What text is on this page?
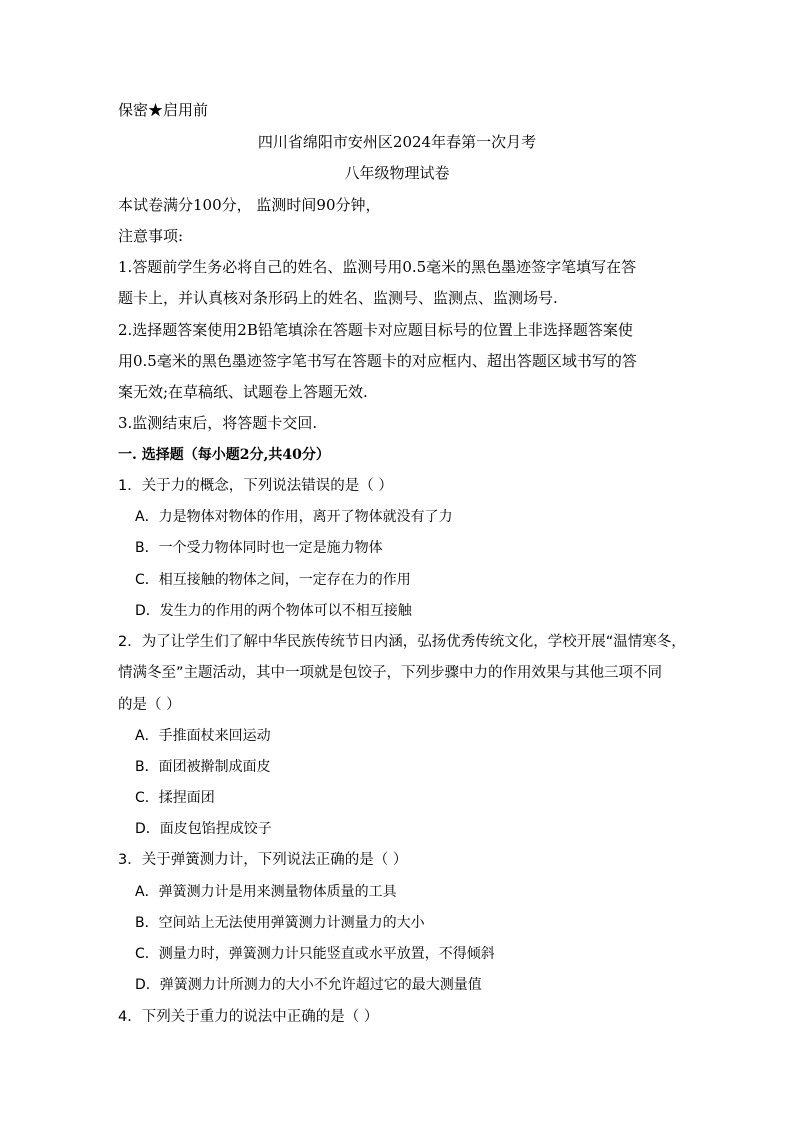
保密★启用前
四川省绵阳市安州区2024年春第一次月考
八年级物理试卷
本试卷满分100分， 监测时间90分钟，
注意事项:
1.答题前学生务必将自己的姓名、监测号用0.5毫米的黑色墨迹签字笔填写在答
题卡上，并认真核对条形码上的姓名、监测号、监测点、监测场号.
2.选择题答案使用2B铅笔填涂在答题卡对应题目标号的位置上非选择题答案使
用0.5毫米的黑色墨迹签字笔书写在答题卡的对应框内、超出答题区域书写的答
案无效;在草稿纸、试题卷上答题无效.
3.监测结束后，将答题卡交回.
一. 选择题（每小题2分,共40分）
1．关于力的概念，下列说法错误的是（ ）
A．力是物体对物体的作用，离开了物体就没有了力
B．一个受力物体同时也一定是施力物体
C．相互接触的物体之间，一定存在力的作用
D．发生力的作用的两个物体可以不相互接触
2．为了让学生们了解中华民族传统节日内涵，弘扬优秀传统文化，学校开展“温情寒冬，
情满冬至”主题活动，其中一项就是包饺子，下列步骤中力的作用效果与其他三项不同
的是（ ）
A．手推面杖来回运动
B．面团被擀制成面皮
C．揉捏面团
D．面皮包馅捏成饺子
3．关于弹簧测力计，下列说法正确的是（ ）
A．弹簧测力计是用来测量物体质量的工具
B．空间站上无法使用弹簧测力计测量力的大小
C．测量力时，弹簧测力计只能竖直或水平放置，不得倾斜
D．弹簧测力计所测力的大小不允许超过它的最大测量值
4．下列关于重力的说法中正确的是（ ）
